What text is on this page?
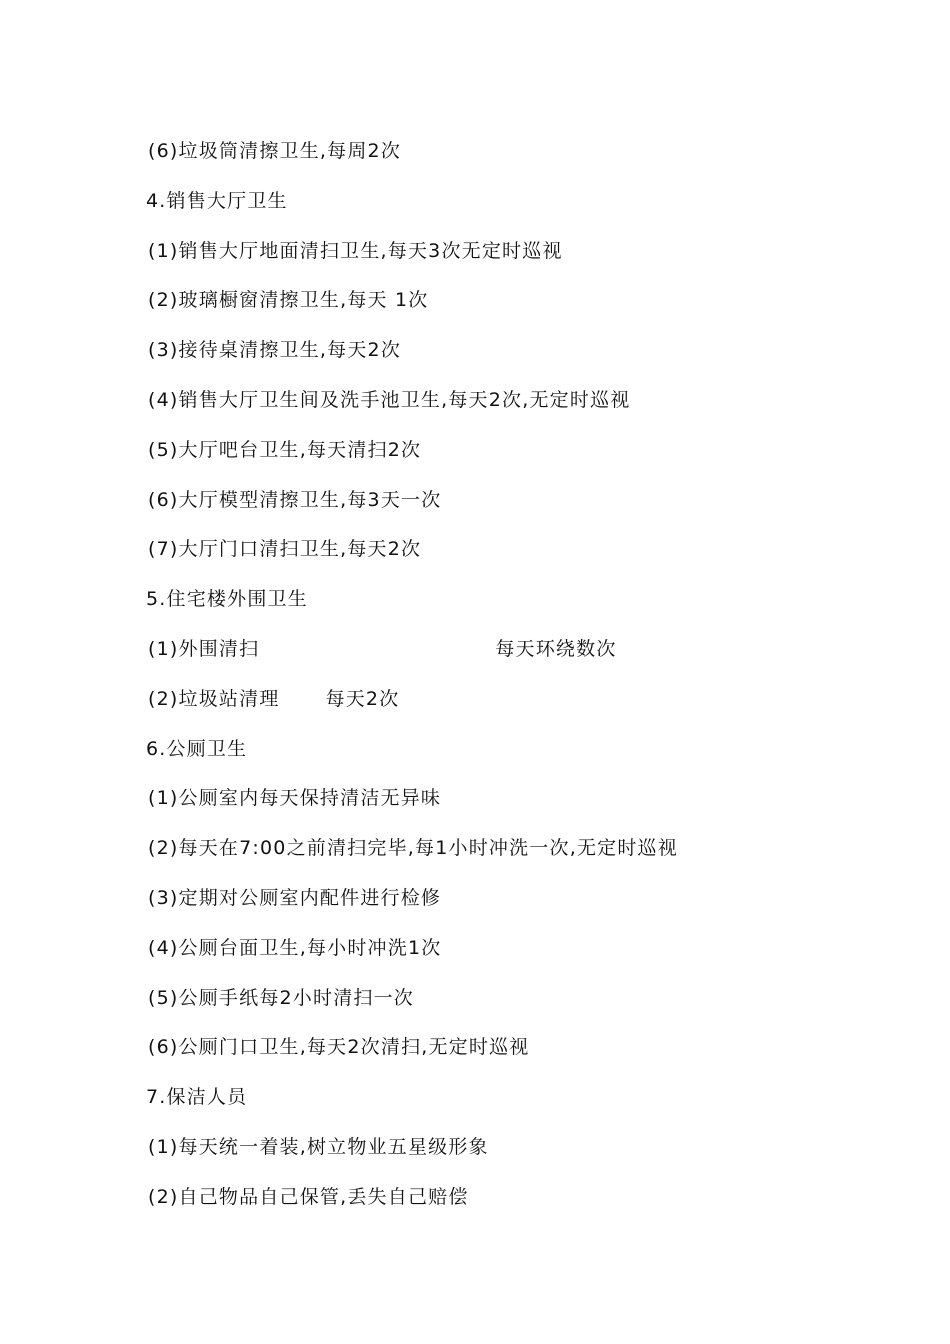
(6)垃圾筒清擦卫生,每周2次
4.销售大厅卫生
(1)销售大厅地面清扫卫生,每天3次无定时巡视
(2)玻璃橱窗清擦卫生,每天 1次
(3)接待桌清擦卫生,每天2次
(4)销售大厅卫生间及洗手池卫生,每天2次,无定时巡视
(5)大厅吧台卫生,每天清扫2次
(6)大厅模型清擦卫生,每3天一次
(7)大厅门口清扫卫生,每天2次
5.住宅楼外围卫生
(1)外围清扫	每天环绕数次
(2)垃圾站清理 每天2次
6.公厕卫生
(1)公厕室内每天保持清洁无异味
(2)每天在7:00之前清扫完毕,每1小时冲洗一次,无定时巡视
(3)定期对公厕室内配件进行检修
(4)公厕台面卫生,每小时冲洗1次
(5)公厕手纸每2小时清扫一次
(6)公厕门口卫生,每天2次清扫,无定时巡视
7.保洁人员
(1)每天统一着装,树立物业五星级形象
(2)自己物品自己保管,丢失自己赔偿
